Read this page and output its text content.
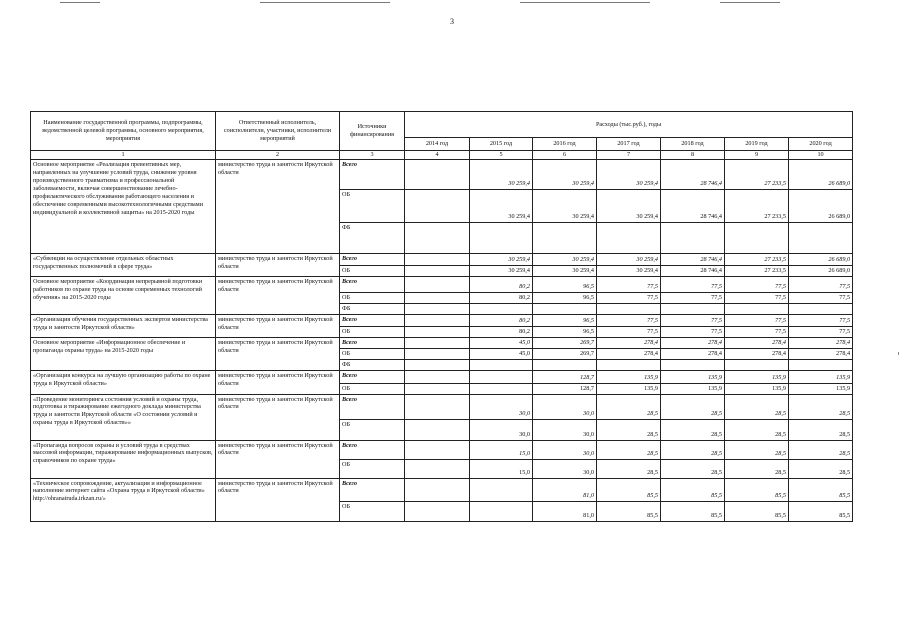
3
Наименование государственной программы, подпрограммы, ведомственной целевой программы, основного мероприятия, мероприятия	Ответственный исполнитель, соисполнители, участники, исполнители мероприятий	Источники финансирования	Расходы (тыс.руб.), годы						
			2014 год	2015 год	2016 год	2017 год	2018 год	2019 год	2020 год
1	2	3	4	5	6	7	8	9	10
Основное мероприятие «Реализация превентивных мер, направленных на улучшение условий труда, снижение уровня производственного травматизма и профессиональной заболеваемости, включая совершенствование лечебно-профилактического обслуживания работающего населения и обеспечение современными высокотехнологичными средствами индивидуальной и коллективной защиты» на 2015-2020 годы	министерство труда и занятости Иркутской области	Всего		30 259,4	30 259,4	30 259,4	28 746,4	27 233,5	26 689,0
		ОБ		30 259,4	30 259,4	30 259,4	28 746,4	27 233,5	26 689,0
		ФБ							
«Субвенции на осуществление отдельных областных государственных полномочий в сфере труда»	министерство труда и занятости Иркутской области	Всего		30 259,4	30 259,4	30 259,4	28 746,4	27 233,5	26 689,0
		ОБ		30 259,4	30 259,4	30 259,4	28 746,4	27 233,5	26 689,0
Основное мероприятие «Координация непрерывной подготовки работников по охране труда на основе современных технологий обучения» на 2015-2020 годы	министерство труда и занятости Иркутской области	Всего		80,2	96,5	77,5	77,5	77,5	77,5
		ОБ		80,2	96,5	77,5	77,5	77,5	77,5
		ФБ							
«Организация обучения государственных экспертов министерства труда и занятости Иркутской области»	министерство труда и занятости Иркутской области	Всего		80,2	96,5	77,5	77,5	77,5	77,5
		ОБ		80,2	96,5	77,5	77,5	77,5	77,5
Основное мероприятие «Информационное обеспечение и пропаганда охраны труда» на 2015-2020 годы	министерство труда и занятости Иркутской области	Всего		45,0	269,7	278,4	278,4	278,4	278,4
		ОБ		45,0	269,7	278,4	278,4	278,4	278,4
		ФБ							
«Организация конкурса на лучшую организацию работы по охране труда в Иркутской области»	министерство труда и занятости Иркутской области	Всего			128,7	135,9	135,9	135,9	135,9
		ОБ			128,7	135,9	135,9	135,9	135,9
«Проведение мониторинга состояния условий и охраны труда, подготовка и тиражирование ежегодного доклада министерства труда и занятости Иркутской области «О состоянии условий и охраны труда в Иркутской области»»	министерство труда и занятости Иркутской области	Всего		30,0	30,0	28,5	28,5	28,5	28,5
		ОБ		30,0	30,0	28,5	28,5	28,5	28,5
«Пропаганда вопросов охраны и условий труда в средствах массовой информации, тиражирование информационных выпусков, справочников по охране труда»	министерство труда и занятости Иркутской области	Всего		15,0	30,0	28,5	28,5	28,5	28,5
		ОБ		15,0	30,0	28,5	28,5	28,5	28,5
«Техническое сопровождение, актуализация и информационное наполнение интернет сайта «Охрана труда в Иркутской области» http://ohranatruda.irkzan.ru/»	министерство труда и занятости Иркутской области	Всего			81,0	85,5	85,5	85,5	85,5
		ОБ			81,0	85,5	85,5	85,5	85,5
